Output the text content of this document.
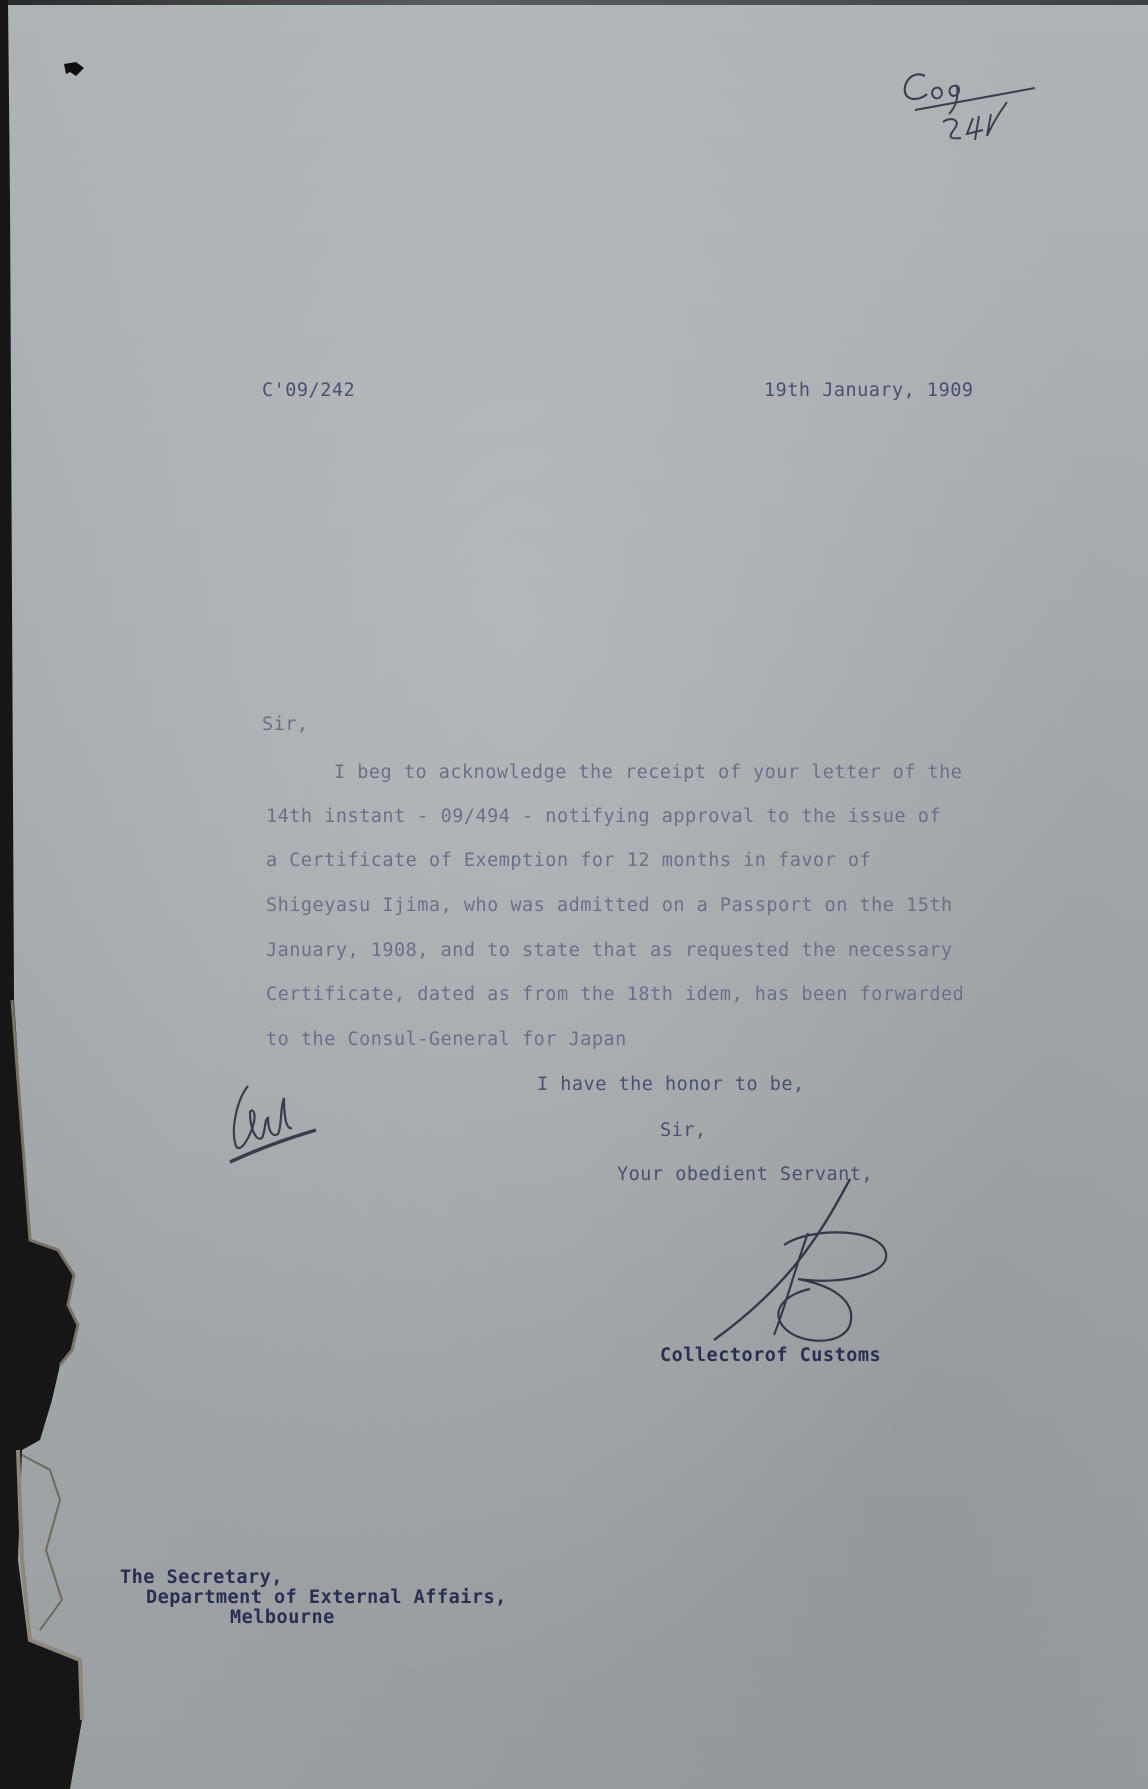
C'09/242	19th January, 1909
Sir,
I beg to acknowledge the receipt of your letter of the
14th instant - 09/494 - notifying approval to the issue of
a Certificate of Exemption for 12 months in favor of
Shigeyasu Ijima, who was admitted on a Passport on the 15th
January, 1908, and to state that as requested the necessary
Certificate, dated as from the 18th idem, has been forwarded
to the Consul-General for Japan
I have the honor to be,
Sir,
Your obedient Servant,
Collectorof Customs
The Secretary,
Department of External Affairs,
Melbourne
